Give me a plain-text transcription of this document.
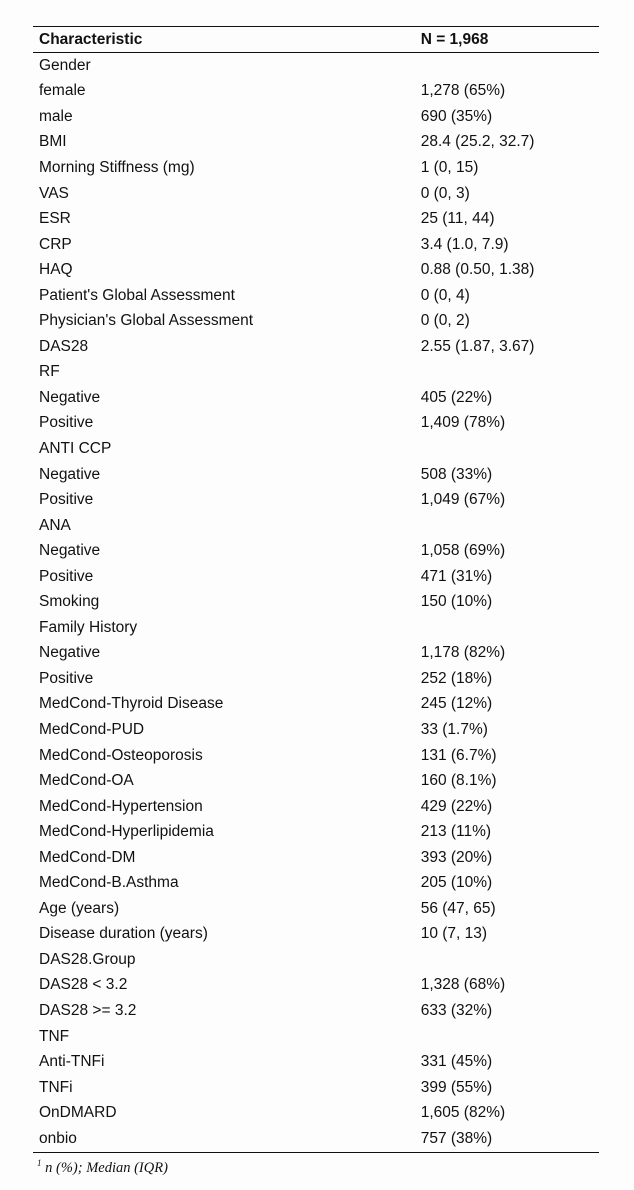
Characteristic	N = 1,968
Gender	
female	1,278 (65%)
male	690 (35%)
BMI	28.4 (25.2, 32.7)
Morning Stiffness (mg)	1 (0, 15)
VAS	0 (0, 3)
ESR	25 (11, 44)
CRP	3.4 (1.0, 7.9)
HAQ	0.88 (0.50, 1.38)
Patient's Global Assessment	0 (0, 4)
Physician's Global Assessment	0 (0, 2)
DAS28	2.55 (1.87, 3.67)
RF	
Negative	405 (22%)
Positive	1,409 (78%)
ANTI CCP	
Negative	508 (33%)
Positive	1,049 (67%)
ANA	
Negative	1,058 (69%)
Positive	471 (31%)
Smoking	150 (10%)
Family History	
Negative	1,178 (82%)
Positive	252 (18%)
MedCond-Thyroid Disease	245 (12%)
MedCond-PUD	33 (1.7%)
MedCond-Osteoporosis	131 (6.7%)
MedCond-OA	160 (8.1%)
MedCond-Hypertension	429 (22%)
MedCond-Hyperlipidemia	213 (11%)
MedCond-DM	393 (20%)
MedCond-B.Asthma	205 (10%)
Age (years)	56 (47, 65)
Disease duration (years)	10 (7, 13)
DAS28.Group	
DAS28 < 3.2	1,328 (68%)
DAS28 >= 3.2	633 (32%)
TNF	
Anti-TNFi	331 (45%)
TNFi	399 (55%)
OnDMARD	1,605 (82%)
onbio	757 (38%)
$^1$ n (%); Median (IQR)
